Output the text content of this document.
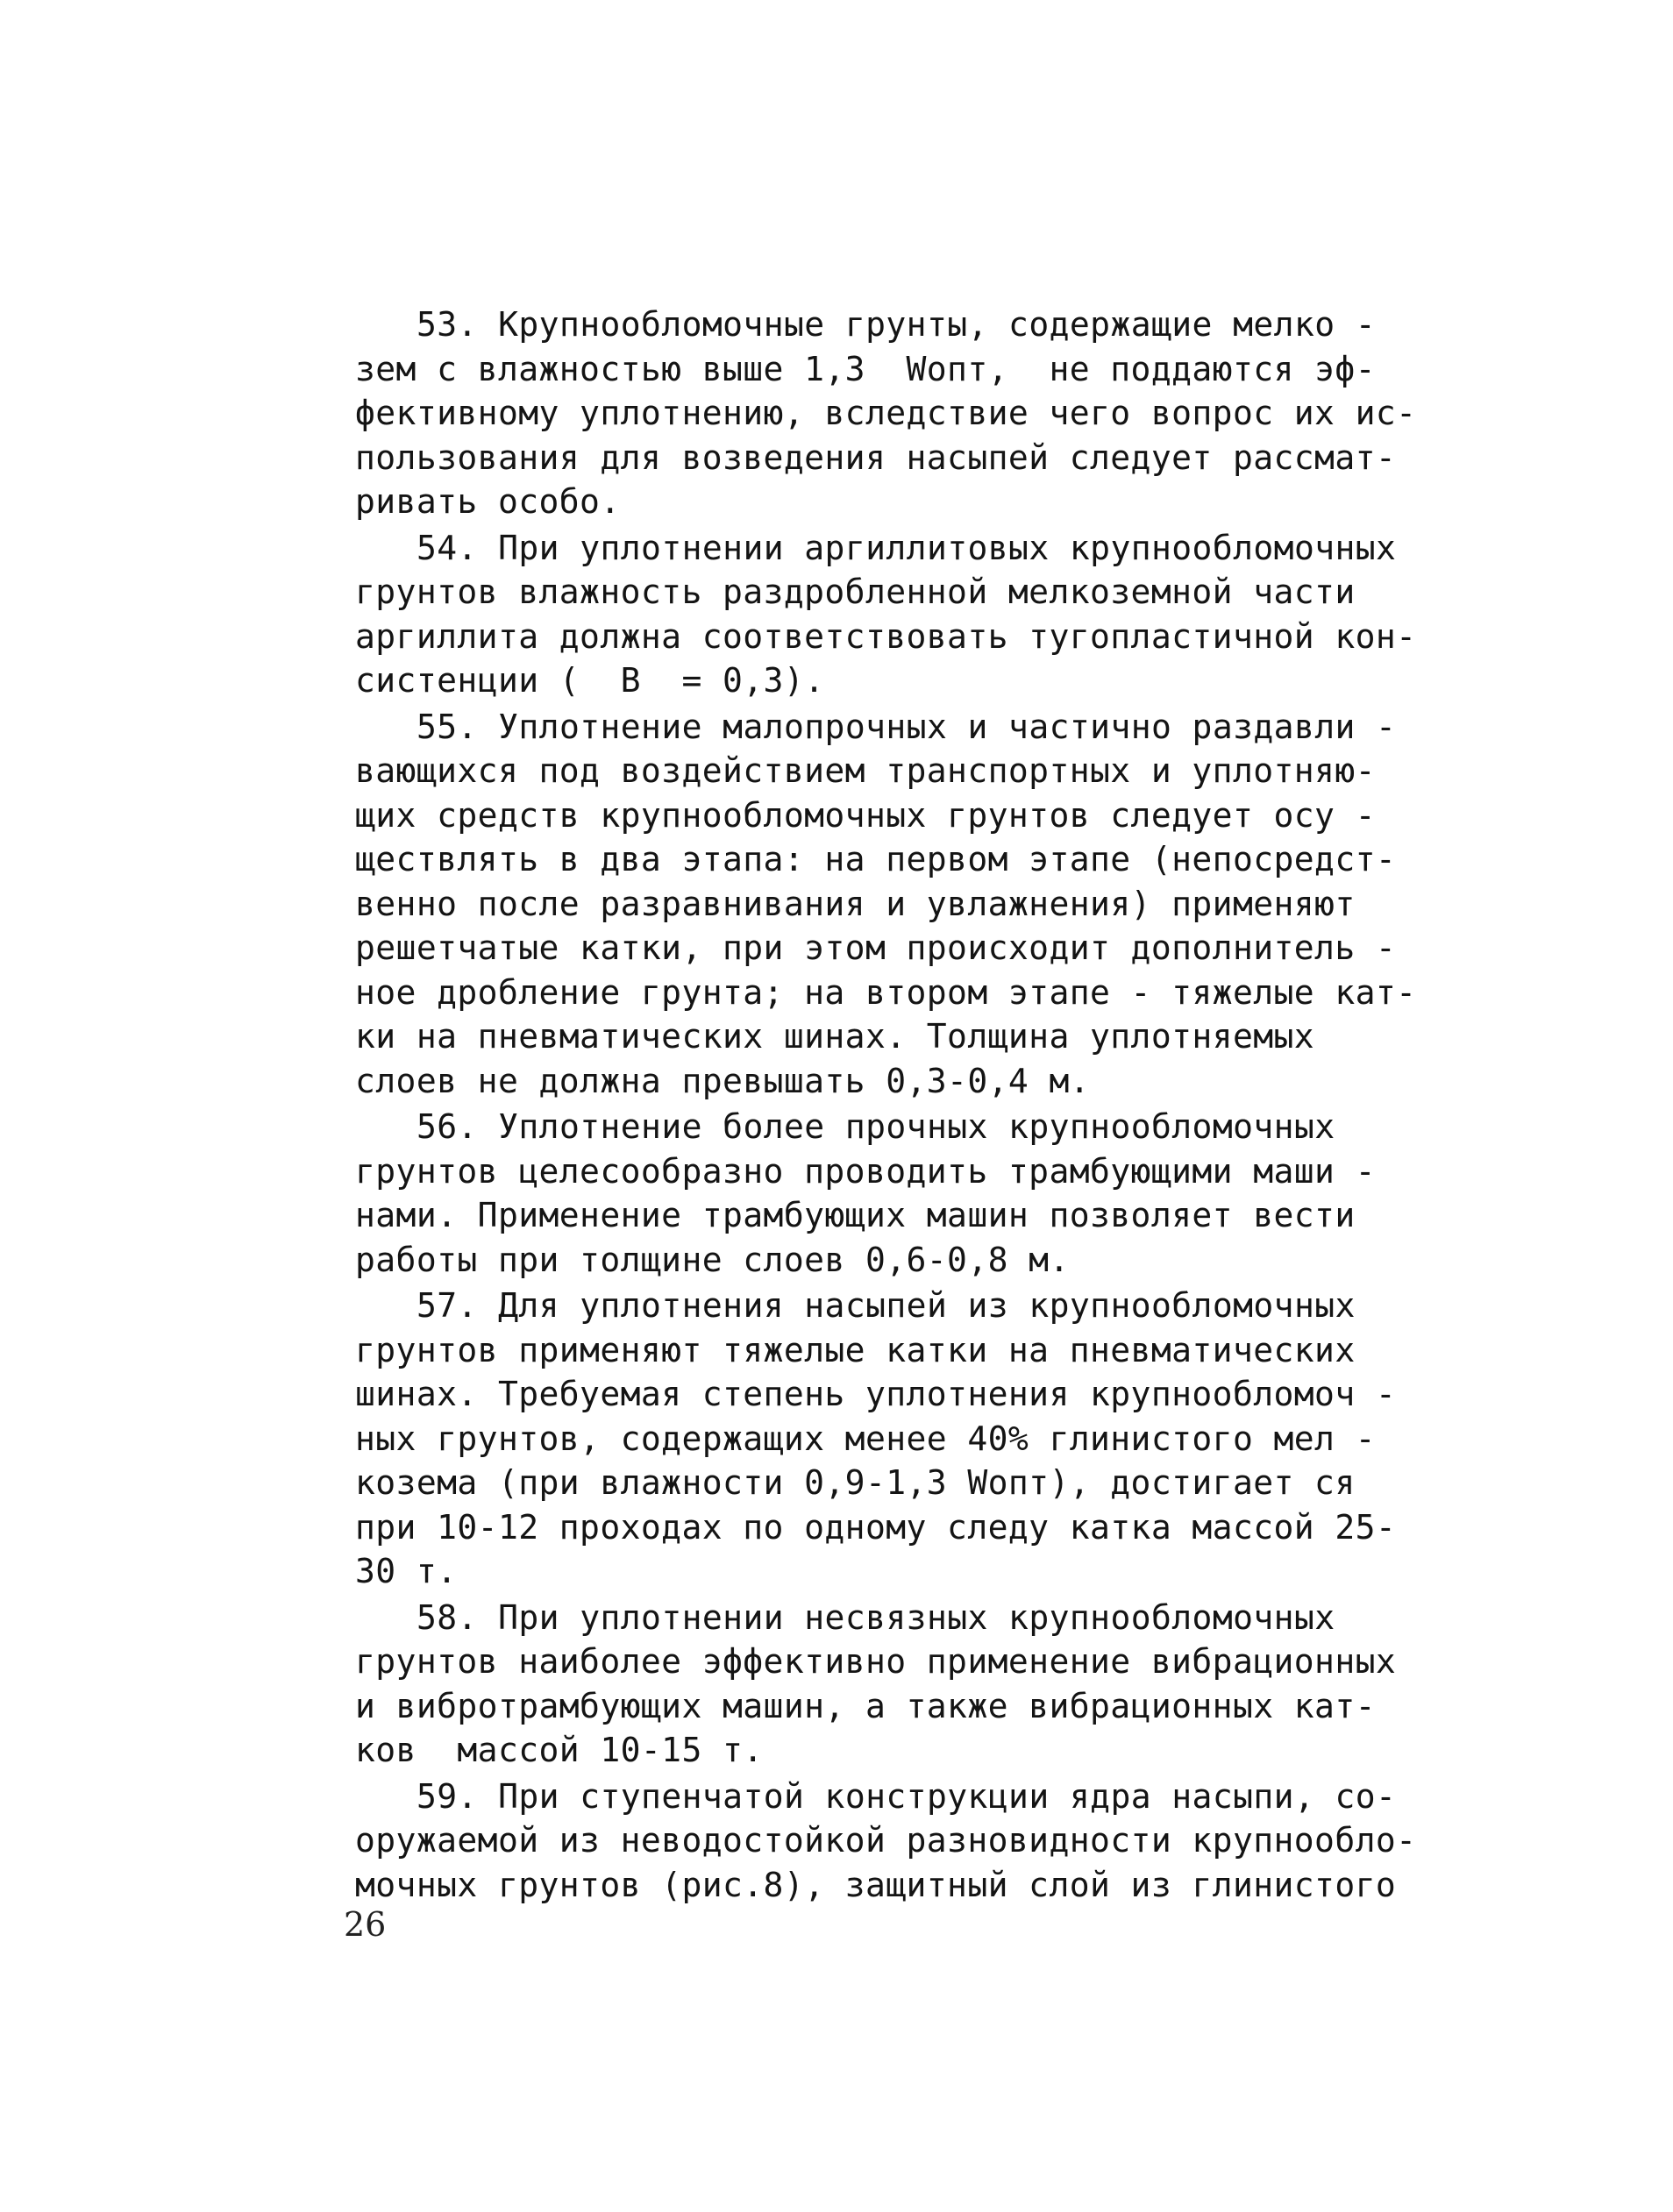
53. Крупнообломочные грунты, содержащие мелко -
зем с влажностью выше 1,3  Wопт,  не поддаются эф-
фективному уплотнению, вследствие чего вопрос их ис-
пользования для возведения насыпей следует рассмат-
ривать особо.
54. При уплотнении аргиллитовых крупнообломочных
грунтов влажность раздробленной мелкоземной части
аргиллита должна соответствовать тугопластичной кон-
систенции (  B  = 0,3).
55. Уплотнение малопрочных и частично раздавли -
вающихся под воздействием транспортных и уплотняю-
щих средств крупнообломочных грунтов следует осу -
ществлять в два этапа: на первом этапе (непосредст-
венно после разравнивания и увлажнения) применяют
решетчатые катки, при этом происходит дополнитель -
ное дробление грунта; на втором этапе - тяжелые кат-
ки на пневматических шинах. Толщина уплотняемых
слоев не должна превышать 0,3-0,4 м.
56. Уплотнение более прочных крупнообломочных
грунтов целесообразно проводить трамбующими маши -
нами. Применение трамбующих машин позволяет вести
работы при толщине слоев 0,6-0,8 м.
57. Для уплотнения насыпей из крупнообломочных
грунтов применяют тяжелые катки на пневматических
шинах. Требуемая степень уплотнения крупнообломоч -
ных грунтов, содержащих менее 40% глинистого мел -
козема (при влажности 0,9-1,3 Wопт), достигает ся
при 10-12 проходах по одному следу катка массой 25-
30 т.
58. При уплотнении несвязных крупнообломочных
грунтов наиболее эффективно применение вибрационных
и вибротрамбующих машин, а также вибрационных кат-
ков  массой 10-15 т.
59. При ступенчатой конструкции ядра насыпи, со-
оружаемой из неводостойкой разновидности крупнообло-
мочных грунтов (рис.8), защитный слой из глинистого
26
